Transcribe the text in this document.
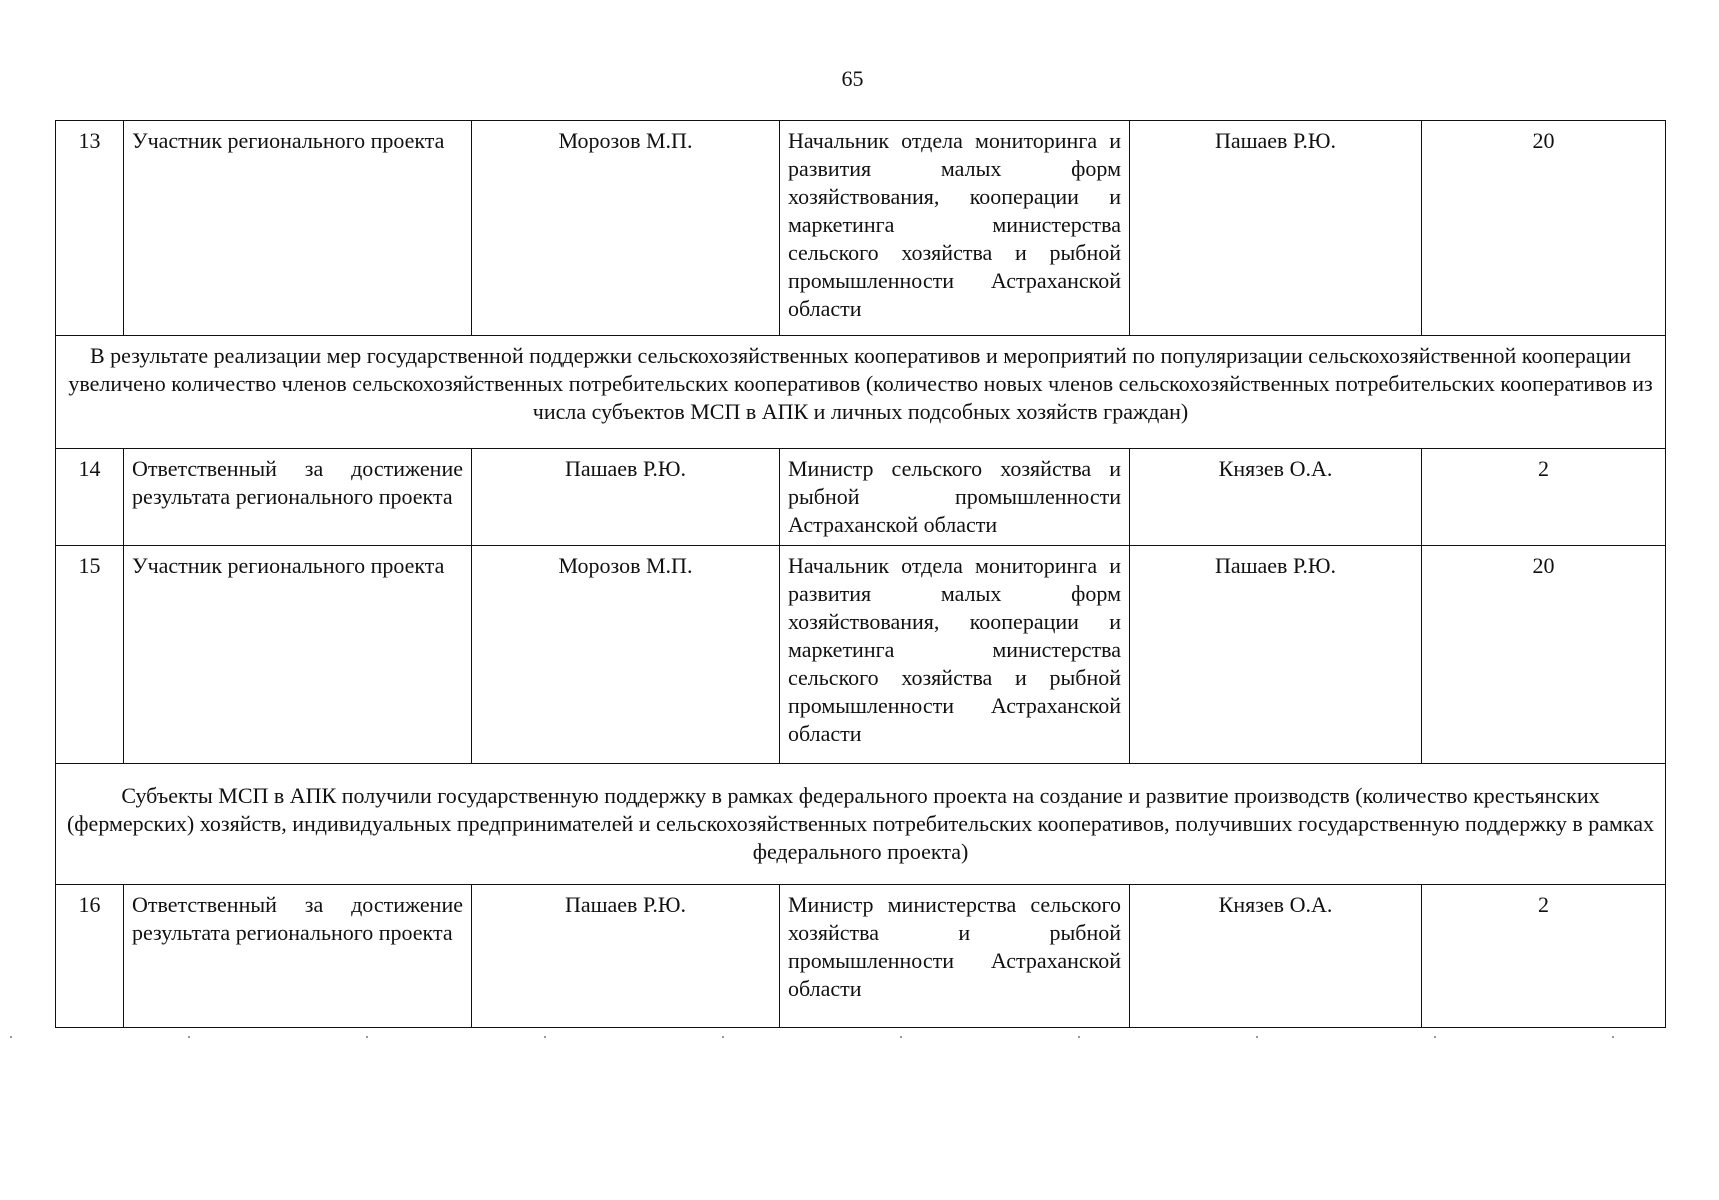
65
13	Участник регионального проекта	Морозов М.П.	Начальник отдела мониторинга и развития малых форм хозяйствования, кооперации и маркетинга министерства сельского хозяйства и рыбной промышленности Астраханской области	Пашаев Р.Ю.	20
В результате реализации мер государственной поддержки сельскохозяйственных кооперативов и мероприятий по популяризации сельскохозяйственной кооперации увеличено количество членов сельскохозяйственных потребительских кооперативов (количество новых членов сельскохозяйственных потребительских кооперативов из числа субъектов МСП в АПК и личных подсобных хозяйств граждан)					
14	Ответственный за достижение результата регионального проекта	Пашаев Р.Ю.	Министр сельского хозяйства и рыбной промышленности Астраханской области	Князев О.А.	2
15	Участник регионального проекта	Морозов М.П.	Начальник отдела мониторинга и развития малых форм хозяйствования, кооперации и маркетинга министерства сельского хозяйства и рыбной промышленности Астраханской области	Пашаев Р.Ю.	20
Субъекты МСП в АПК получили государственную поддержку в рамках федерального проекта на создание и развитие производств (количество крестьянских (фермерских) хозяйств, индивидуальных предпринимателей и сельскохозяйственных потребительских кооперативов, получивших государственную поддержку в рамках федерального проекта)					
16	Ответственный за достижение результата регионального проекта	Пашаев Р.Ю.	Министр министерства сельского хозяйства и рыбной промышленности Астраханской области	Князев О.А.	2
